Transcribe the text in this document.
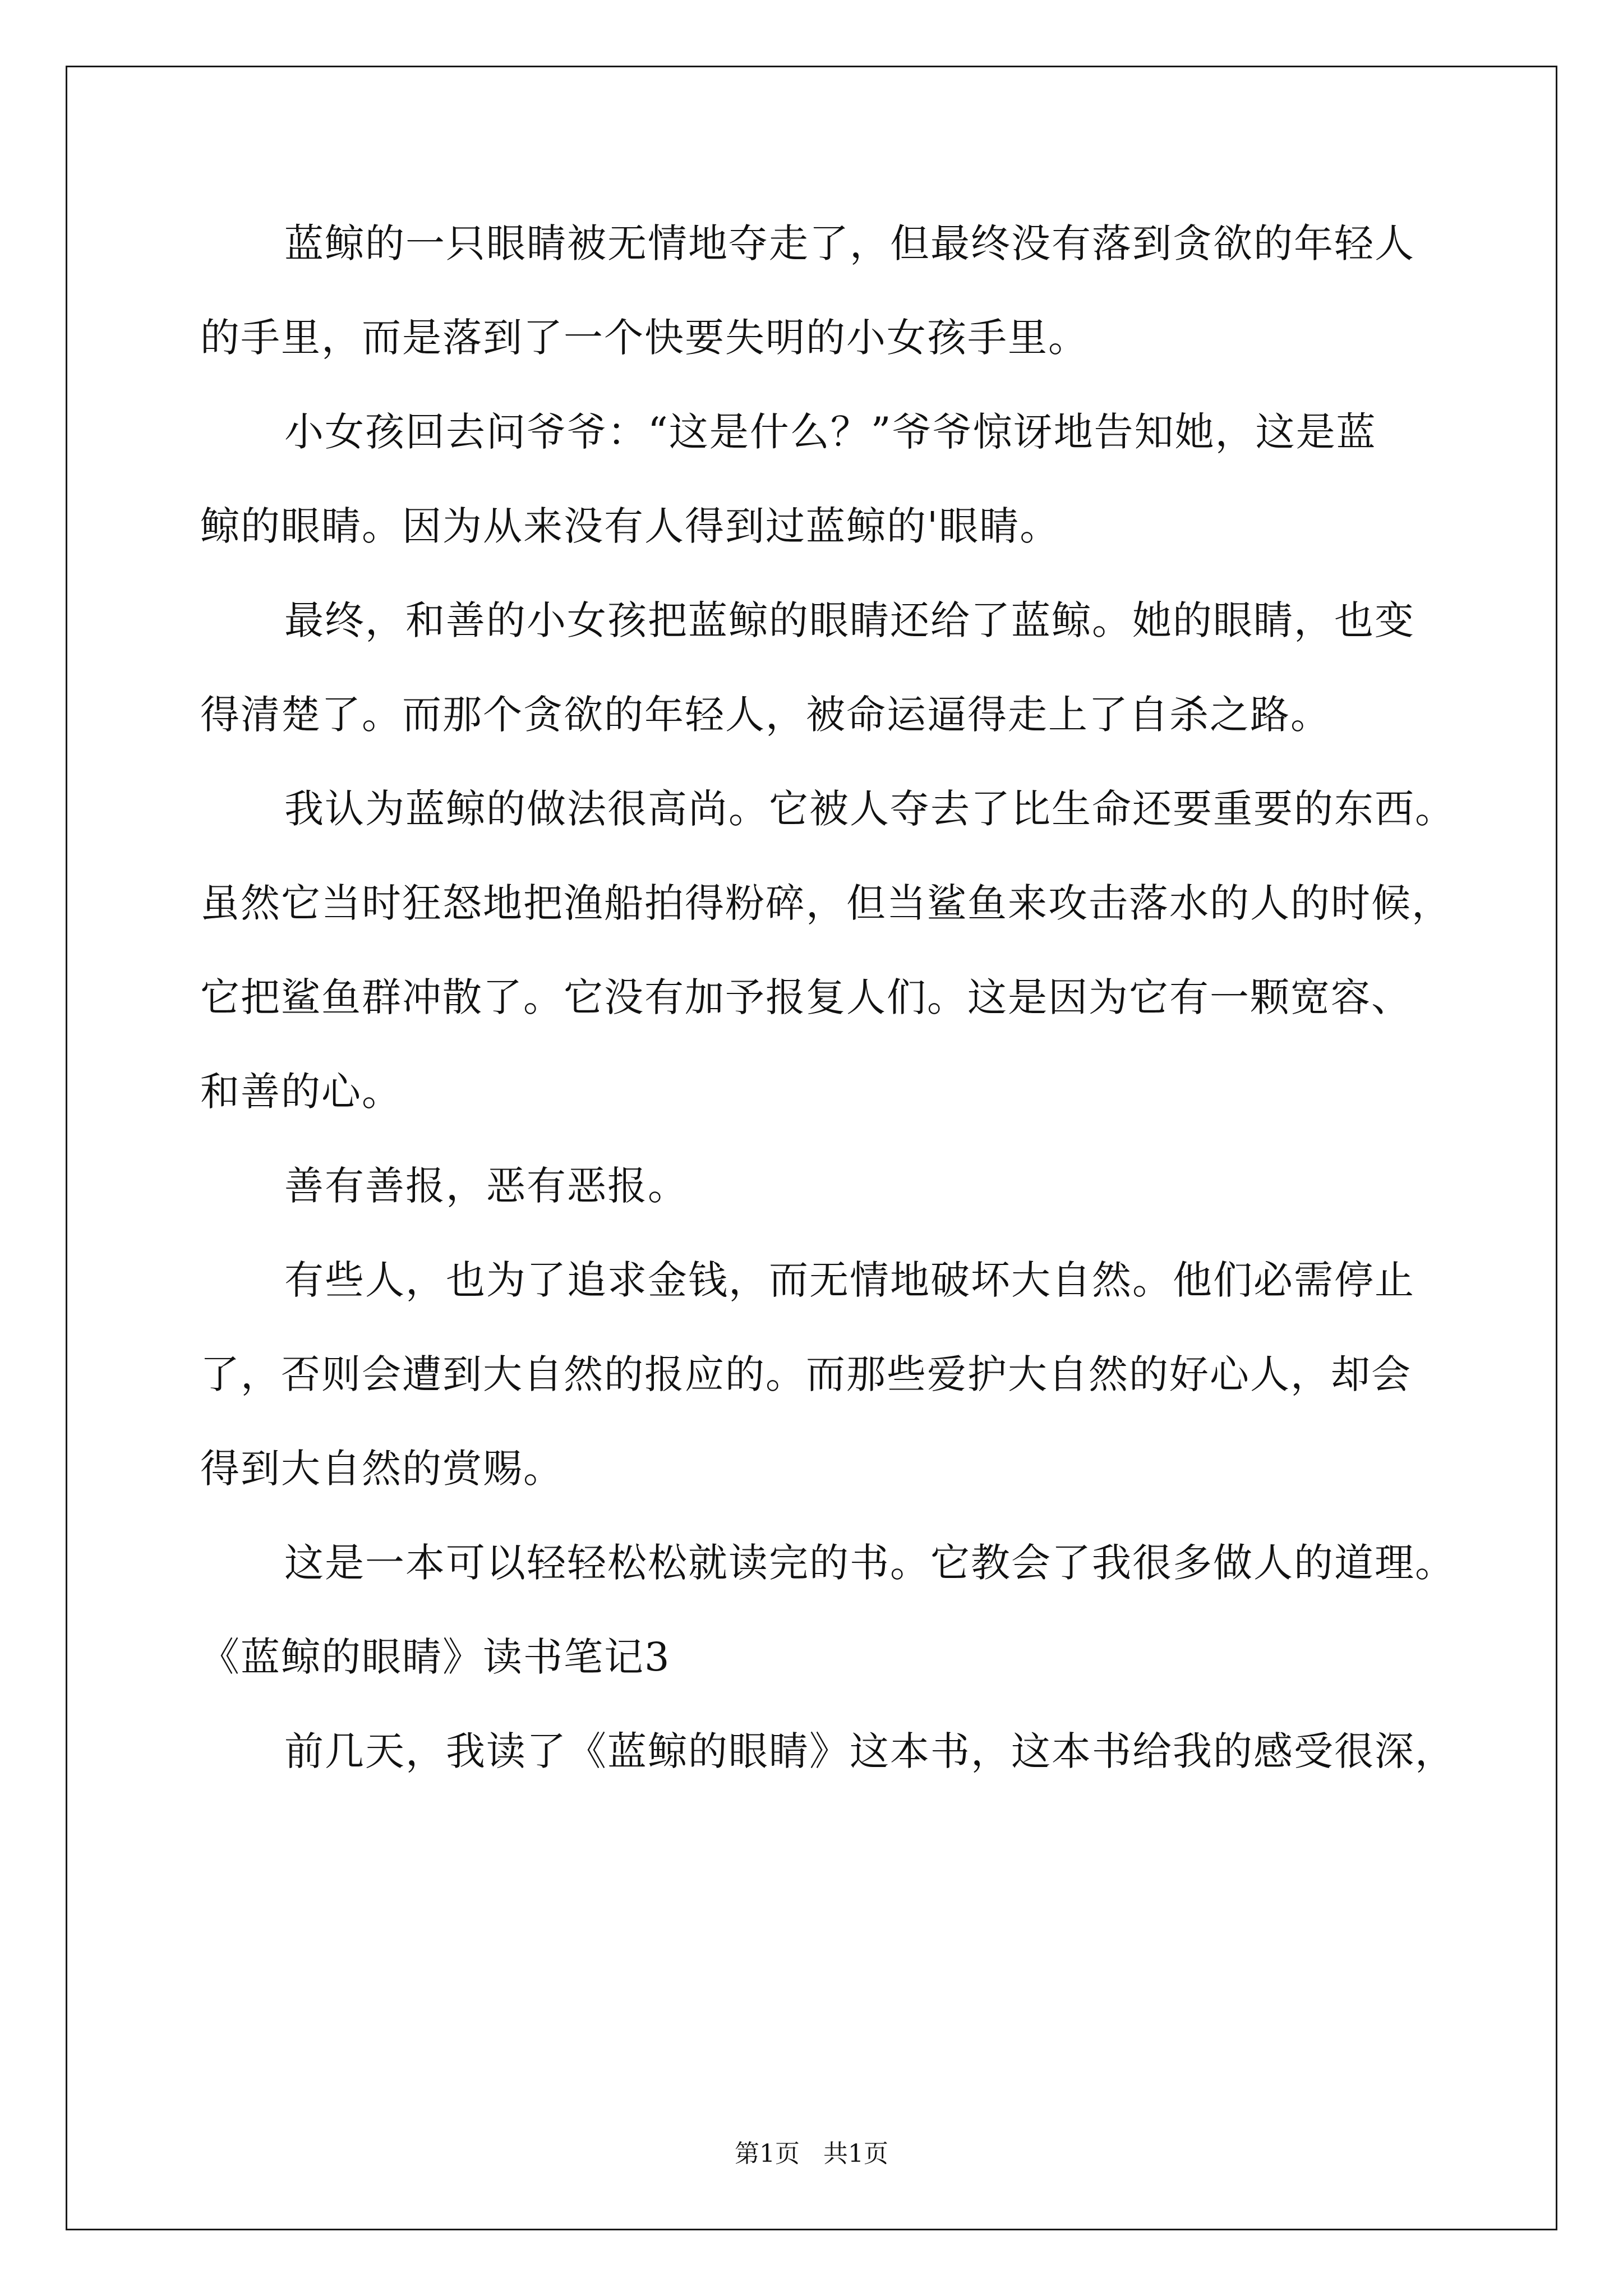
蓝鲸的一只眼睛被无情地夺走了，但最终没有落到贪欲的年轻人
的手里，而是落到了一个快要失明的小女孩手里。
小女孩回去问爷爷：“这是什么？”爷爷惊讶地告知她，这是蓝
鲸的眼睛。因为从来没有人得到过蓝鲸的'眼睛。
最终，和善的小女孩把蓝鲸的眼睛还给了蓝鲸。她的眼睛，也变
得清楚了。而那个贪欲的年轻人，被命运逼得走上了自杀之路。
我认为蓝鲸的做法很高尚。它被人夺去了比生命还要重要的东西。
虽然它当时狂怒地把渔船拍得粉碎，但当鲨鱼来攻击落水的人的时候，
它把鲨鱼群冲散了。它没有加予报复人们。这是因为它有一颗宽容、
和善的心。
善有善报，恶有恶报。
有些人，也为了追求金钱，而无情地破坏大自然。他们必需停止
了，否则会遭到大自然的报应的。而那些爱护大自然的好心人，却会
得到大自然的赏赐。
这是一本可以轻轻松松就读完的书。它教会了我很多做人的道理。
《蓝鲸的眼睛》读书笔记3
前几天，我读了《蓝鲸的眼睛》这本书，这本书给我的感受很深，
第1页   共1页
